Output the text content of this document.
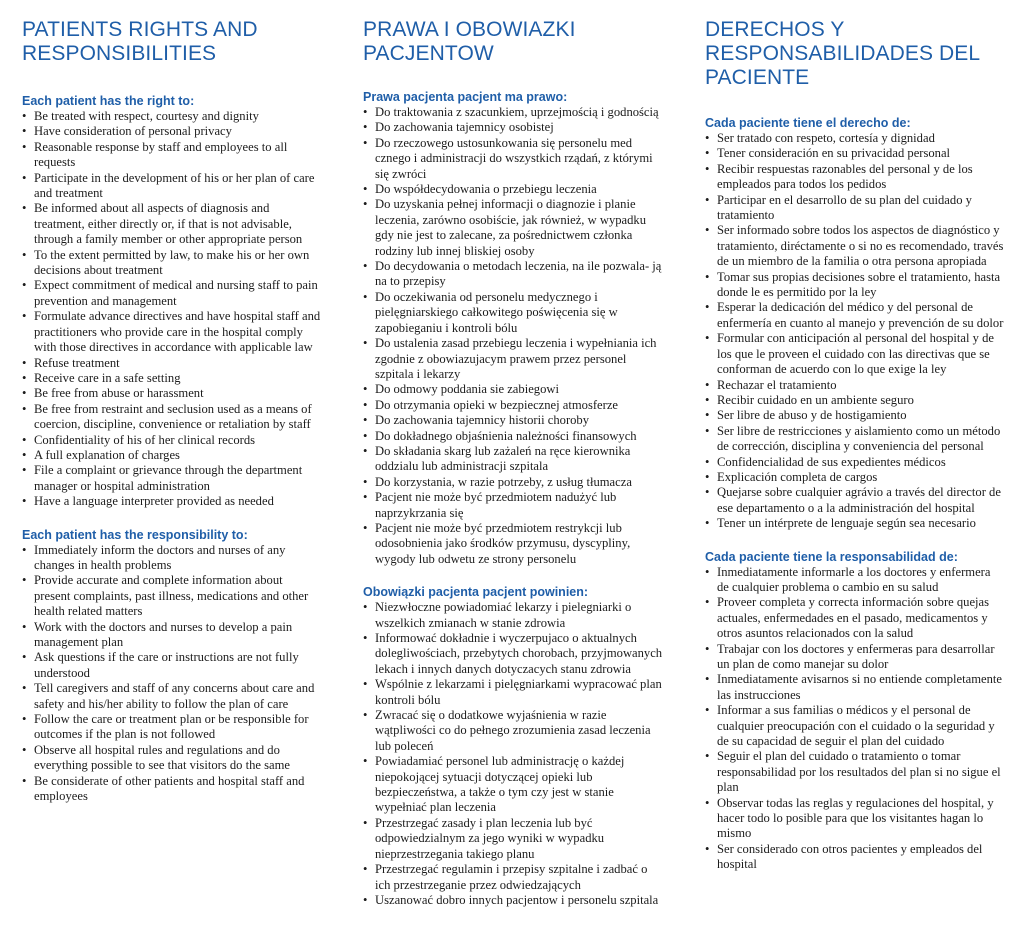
PATIENTS RIGHTS AND RESPONSIBILITIES

Each patient has the right to:

• Be treated with respect, courtesy and dignity
• Have consideration of personal privacy
• Reasonable response by staff and employees to all requests
• Participate in the development of his or her plan of care and treatment
• Be informed about all aspects of diagnosis and treatment, either directly or, if that is not advisable, through a family member or other appropriate person
• To the extent permitted by law, to make his or her own decisions about treatment
• Expect commitment of medical and nursing staff to pain prevention and management
• Formulate advance directives and have hospital staff and practitioners who provide care in the hospital comply with those directives in accordance with applicable law
• Refuse treatment
• Receive care in a safe setting
• Be free from abuse or harassment
• Be free from restraint and seclusion used as a means of coercion, discipline, convenience or retaliation by staff
• Confidentiality of his of her clinical records
• A full explanation of charges
• File a complaint or grievance through the department manager or hospital administration
• Have a language interpreter provided as needed

Each patient has the responsibility to:

• Immediately inform the doctors and nurses of any changes in health problems
• Provide accurate and complete information about present complaints, past illness, medications and other health related matters
• Work with the doctors and nurses to develop a pain management plan
• Ask questions if the care or instructions are not fully understood
• Tell caregivers and staff of any concerns about care and safety and his/her ability to follow the plan of care
• Follow the care or treatment plan or be responsible for outcomes if the plan is not followed
• Observe all hospital rules and regulations and do everything possible to see that visitors do the same
• Be considerate of other patients and hospital staff and employees
PRAWA I OBOWIAZKI PACJENTOW

Prawa pacjenta pacjent ma prawo:

• Do traktowania z szacunkiem, uprzejmością i godnością
• Do zachowania tajemnicy osobistej
• Do rzeczowego ustosunkowania się personelu med cznego i administracji do wszystkich rządań, z którymi się zwróci
• Do współdecydowania o przebiegu leczenia
• Do uzyskania pełnej informacji o diagnozie i planie leczenia, zarówno osobiście, jak również, w wypadku gdy nie jest to zalecane, za pośrednictwem członka rodziny lub innej bliskiej osoby
• Do decydowania o metodach leczenia, na ile pozwala- ją na to przepisy
• Do oczekiwania od personelu medycznego i pielęgniarskiego całkowitego poświęcenia się w zapobieganiu i kontroli bólu
• Do ustalenia zasad przebiegu leczenia i wypełniania ich zgodnie z obowiazujacym prawem przez personel szpitala i lekarzy
• Do odmowy poddania sie zabiegowi
• Do otrzymania opieki w bezpiecznej atmosferze
• Do zachowania tajemnicy historii choroby
• Do dokładnego objaśnienia należności finansowych
• Do składania skarg lub zażaleń na ręce kierownika oddzialu lub administracji szpitala
• Do korzystania, w razie potrzeby, z usług tłumacza
• Pacjent nie może być przedmiotem nadużyć lub naprzykrzania się
• Pacjent nie może być przedmiotem restrykcji lub odosobnienia jako środków przymusu, dyscypliny, wygody lub odwetu ze strony personelu

Obowiązki pacjenta pacjent powinien:

• Niezwłoczne powiadomiać lekarzy i pielegniarki o wszelkich zmianach w stanie zdrowia
• Informować dokładnie i wyczerpujaco o aktualnych dolegliwościach, przebytych chorobach, przyjmowanych lekach i innych danych dotyczacych stanu zdrowia
• Wspólnie z lekarzami i pielęgniarkami wypracować plan kontroli bólu
• Zwracać się o dodatkowe wyjaśnienia w razie wątpliwości co do pełnego zrozumienia zasad leczenia lub poleceń
• Powiadamiać personel lub administrację o każdej niepokojącej sytuacji dotyczącej opieki lub bezpieczeństwa, a także o tym czy jest w stanie wypełniać plan leczenia
• Przestrzegać zasady i plan leczenia lub być odpowiedzialnym za jego wyniki w wypadku nieprzestrzegania takiego planu
• Przestrzegać regulamin i przepisy szpitalne i zadbać o ich przestrzeganie przez odwiedzających
• Uszanować dobro innych pacjentow i personelu szpitala
DERECHOS Y RESPONSABILIDADES DEL PACIENTE

Cada paciente tiene el derecho de:

• Ser tratado con respeto, cortesía y dignidad
• Tener consideración en su privacidad personal
• Recibir respuestas razonables del personal y de los empleados para todos los pedidos
• Participar en el desarrollo de su plan del cuidado y tratamiento
• Ser informado sobre todos los aspectos de diagnóstico y tratamiento, diréctamente o si no es recomendado, través de un miembro de la familia o otra persona apropiada
• Tomar sus propias decisiones sobre el tratamiento, hasta donde le es permitido por la ley
• Esperar la dedicación del médico y del personal de enfermería en cuanto al manejo y prevención de su dolor
• Formular con anticipación al personal del hospital y de los que le proveen el cuidado con las directivas que se conforman de acuerdo con lo que exige la ley
• Rechazar el tratamiento
• Recibir cuidado en un ambiente seguro
• Ser libre de abuso y de hostigamiento
• Ser libre de restricciones y aislamiento como un método de corrección, disciplina y conveniencia del personal
• Confidencialidad de sus expedientes médicos
• Explicación completa de cargos
• Quejarse sobre cualquier agrávio a través del director de ese departamento o a la administración del hospital
• Tener un intérprete de lenguaje según sea necesario

Cada paciente tiene la responsabilidad de:

• Inmediatamente informarle a los doctores y enfermera de cualquier problema o cambio en su salud
• Proveer completa y correcta información sobre quejas actuales, enfermedades en el pasado, medicamentos y otros asuntos relacionados con la salud
• Trabajar con los doctores y enfermeras para desarrollar un plan de como manejar su dolor
• Inmediatamente avisarnos si no entiende completamente las instrucciones
• Informar a sus familias o médicos y el personal de cualquier preocupación con el cuidado o la seguridad y de su capacidad de seguir el plan del cuidado
• Seguir el plan del cuidado o tratamiento o tomar responsabilidad por los resultados del plan si no sigue el plan
• Observar todas las reglas y regulaciones del hospital, y hacer todo lo posible para que los visitantes hagan lo mismo
• Ser considerado con otros pacientes y empleados del hospital
